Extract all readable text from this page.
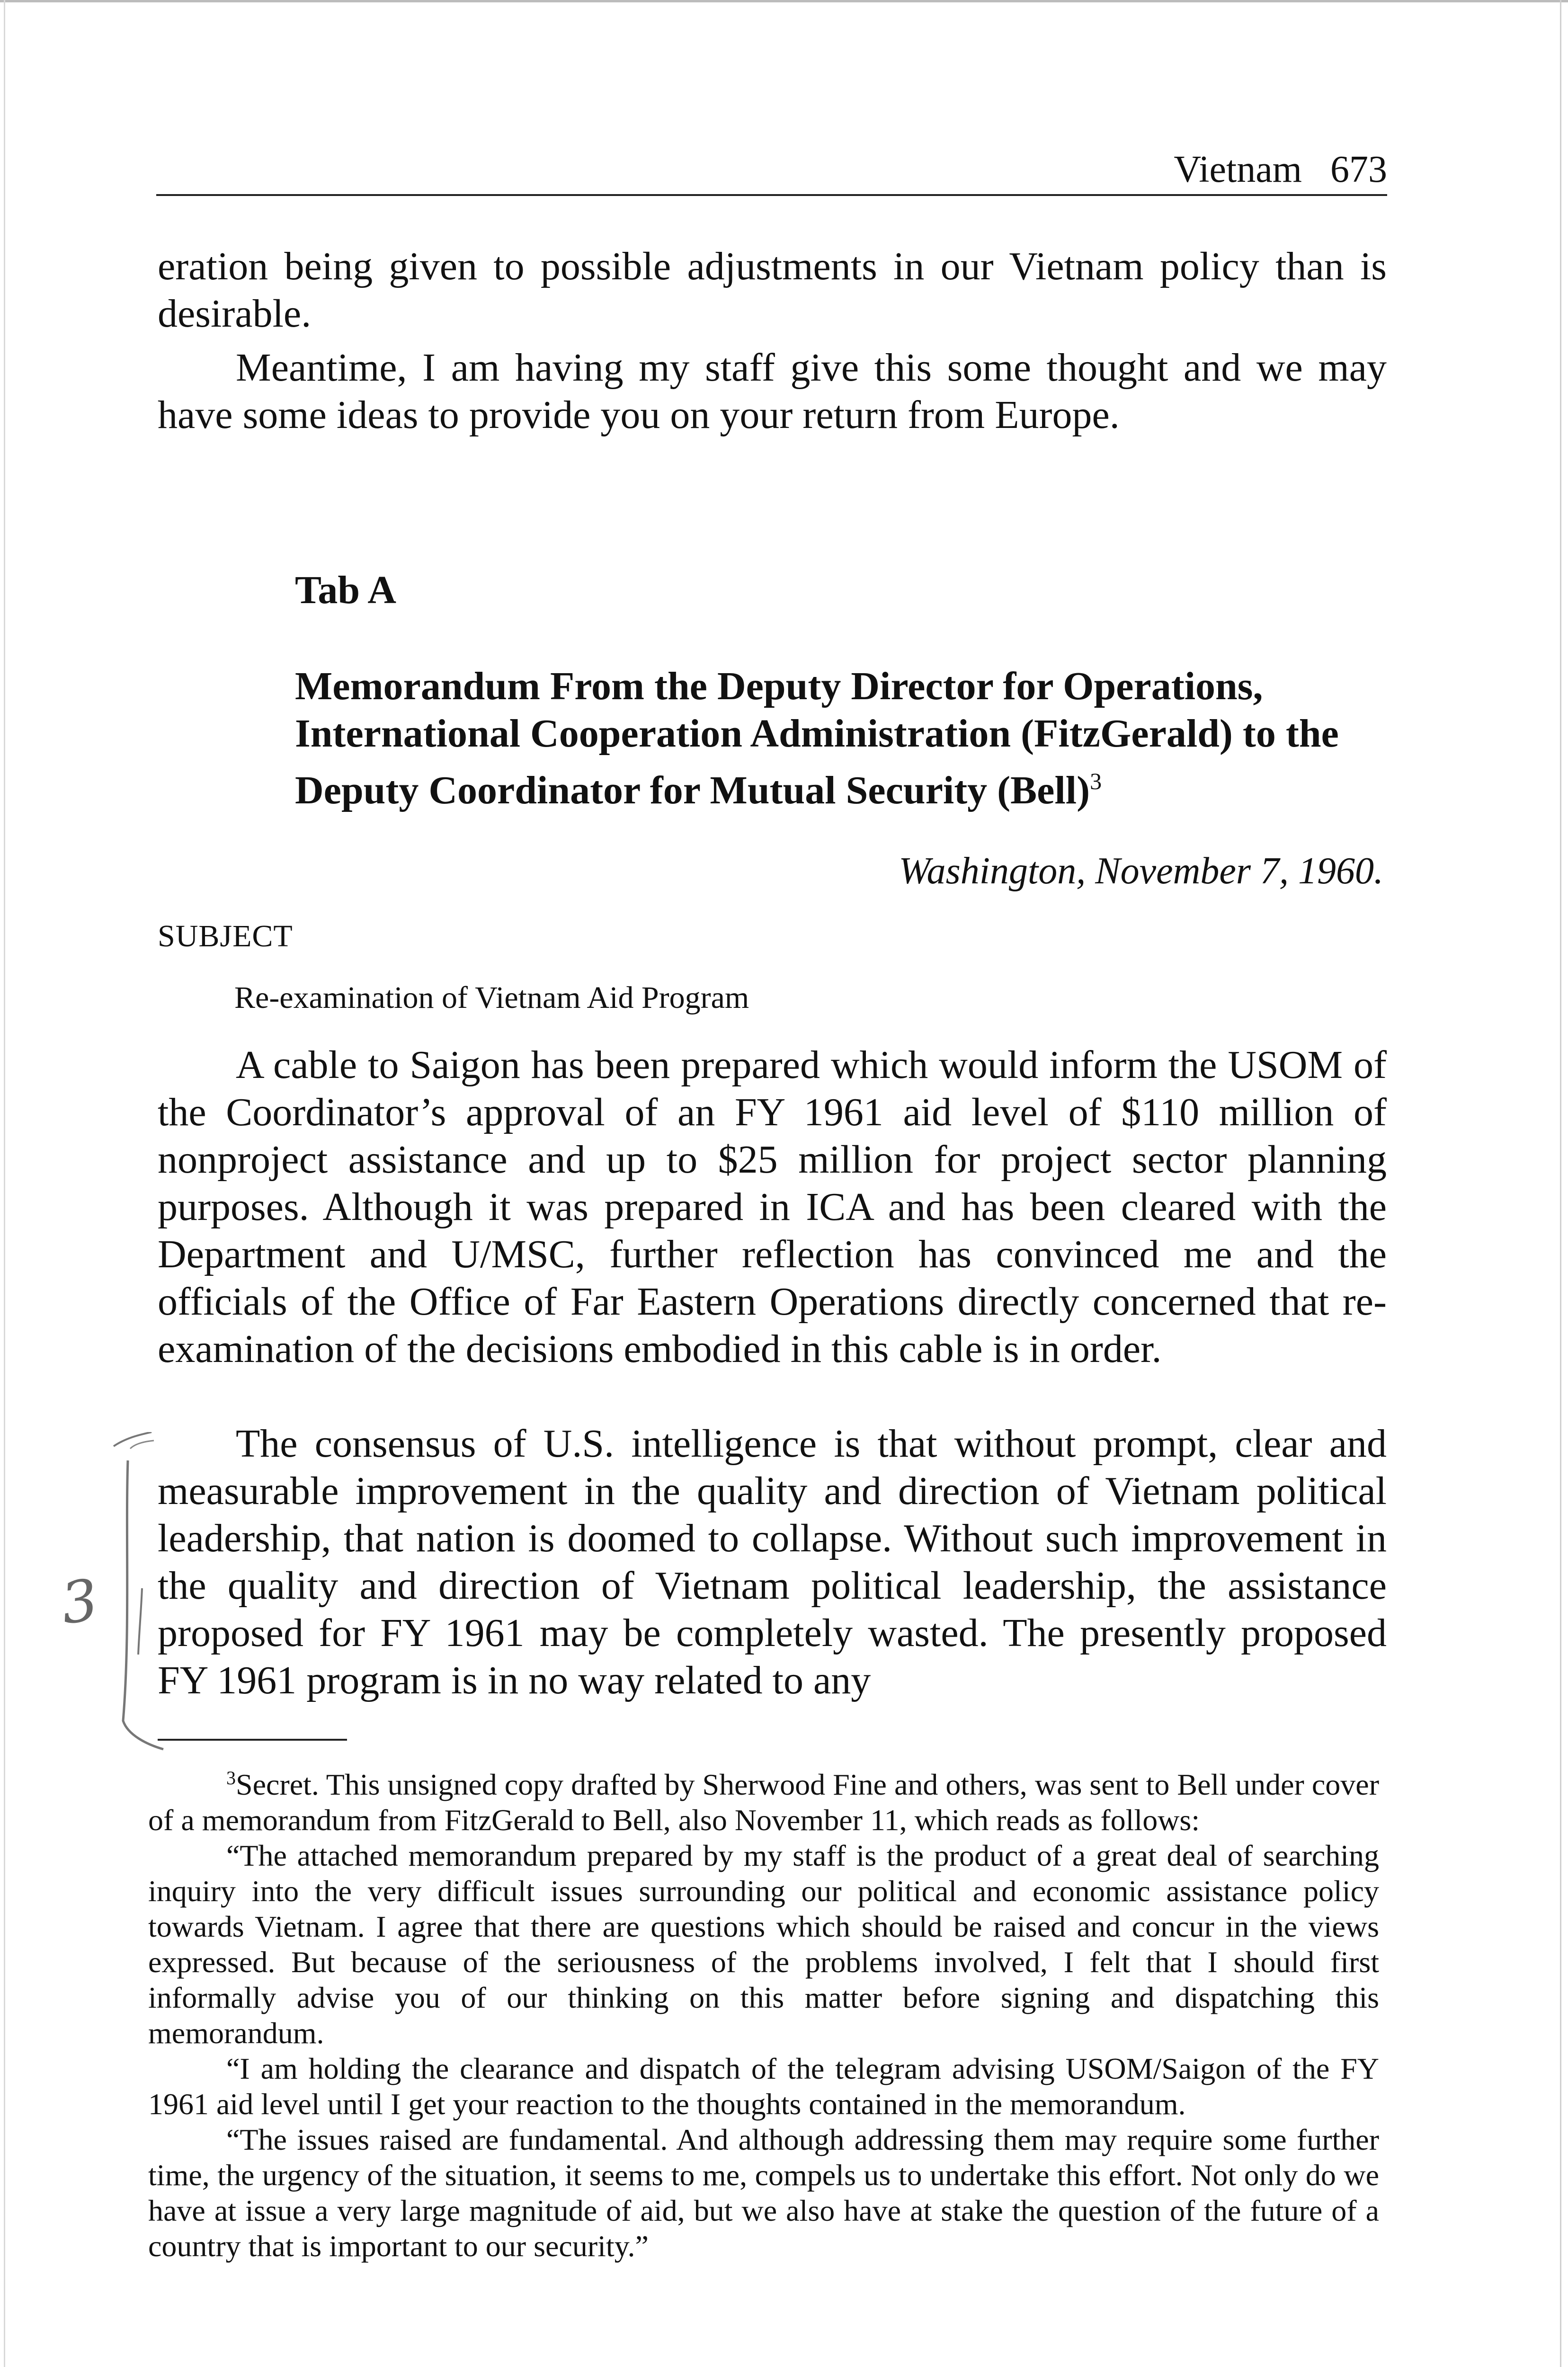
Vietnam 673

eration being given to possible adjustments in our Vietnam policy than is desirable.

Meantime, I am having my staff give this some thought and we may have some ideas to provide you on your return from Europe.

Tab A

Memorandum From the Deputy Director for Operations, International Cooperation Administration (FitzGerald) to the Deputy Coordinator for Mutual Security (Bell)$^3$

Washington, November 7, 1960.
SUBJECT
Re-examination of Vietnam Aid Program

A cable to Saigon has been prepared which would inform the USOM of the Coordinator’s approval of an FY 1961 aid level of $110 million of nonproject assistance and up to $25 million for project sector planning purposes. Although it was prepared in ICA and has been cleared with the Department and U/MSC, further reflection has convinced me and the officials of the Office of Far Eastern Operations directly concerned that re-examination of the decisions embodied in this cable is in order.

The consensus of U.S. intelligence is that without prompt, clear and measurable improvement in the quality and direction of Vietnam political leadership, that nation is doomed to collapse. Without such improvement in the quality and direction of Vietnam political leadership, the assistance proposed for FY 1961 may be completely wasted. The presently proposed FY 1961 program is in no way related to any

3

$^3$Secret. This unsigned copy drafted by Sherwood Fine and others, was sent to Bell under cover of a memorandum from FitzGerald to Bell, also November 11, which reads as follows:

“The attached memorandum prepared by my staff is the product of a great deal of searching inquiry into the very difficult issues surrounding our political and economic assistance policy towards Vietnam. I agree that there are questions which should be raised and concur in the views expressed. But because of the seriousness of the problems involved, I felt that I should first informally advise you of our thinking on this matter before signing and dispatching this memorandum.

“I am holding the clearance and dispatch of the telegram advising USOM/Saigon of the FY 1961 aid level until I get your reaction to the thoughts contained in the memorandum.

“The issues raised are fundamental. And although addressing them may require some further time, the urgency of the situation, it seems to me, compels us to undertake this effort. Not only do we have at issue a very large magnitude of aid, but we also have at stake the question of the future of a country that is important to our security.”
